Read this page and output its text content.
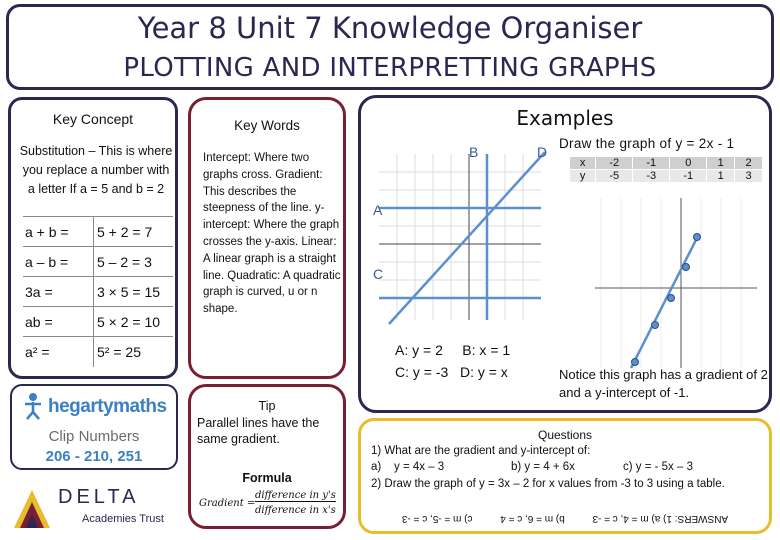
Year 8 Unit 7 Knowledge Organiser
PLOTTING AND INTERPRETTING GRAPHS
Key Concept
Substitution – This is where you replace a number with a letter If a = 5 and b = 2
a + b = 5 + 2 = 7
a – b = 5 – 2 = 3
3a =	3 × 5 = 15
ab =	5 × 2 = 10
a² =	5² = 25
hegartymaths
Clip Numbers
206 - 210, 251
DELTA
Academies Trust
Key Words
Intercept: Where two graphs cross. Gradient: This describes the steepness of the line. y-intercept: Where the graph crosses the y-axis. Linear: A linear graph is a straight line. Quadratic: A quadratic graph is curved, u or n shape.
Tip
Parallel lines have the same gradient.
Formula
Gradient =
difference in y's
difference in x's
Examples
A
C
B	D
A: y = 2     B: x = 1
C: y = -3   D: y = x
Draw the graph of y = 2x - 1
x	-2	-1	0	1	2
y	-5	-3	-1	1	3
Notice this graph has a gradient of 2 and a y-intercept of -1.
Questions
1) What are the gradient and y-intercept of:
a)    y = 4x – 3	b) y = 4 + 6x	c) y = - 5x – 3
2) Draw the graph of y = 3x – 2 for x values from -3 to 3 using a table.
ANSWERS: 1) a) m = 4, c = -3          b) m = 6, c = 4          c) m = -5, c = -3
